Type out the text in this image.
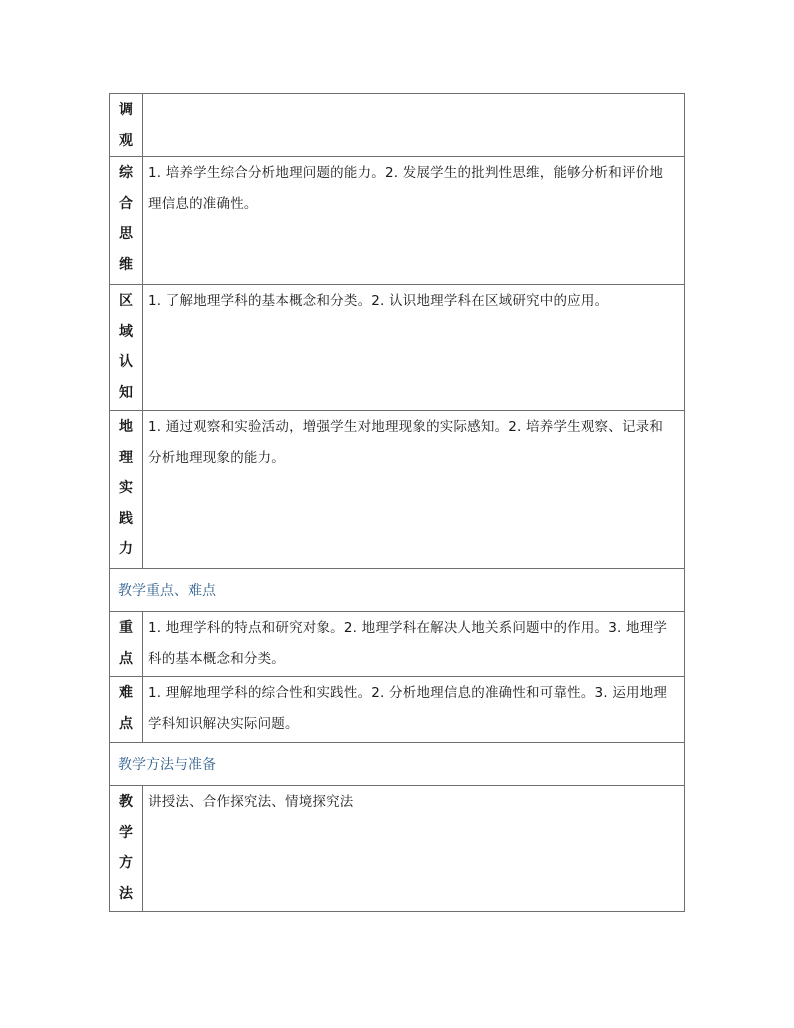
调
观	

综
合
思
维	1. 培养学生综合分析地理问题的能力。2. 发展学生的批判性思维，能够分析和评价地理信息的准确性。

区
域
认
知	1. 了解地理学科的基本概念和分类。2. 认识地理学科在区域研究中的应用。

地
理
实
践
力	1. 通过观察和实验活动，增强学生对地理现象的实际感知。2. 培养学生观察、记录和分析地理现象的能力。
教学重点、难点	

重
点	1. 地理学科的特点和研究对象。2. 地理学科在解决人地关系问题中的作用。3. 地理学科的基本概念和分类。

难
点	1. 理解地理学科的综合性和实践性。2. 分析地理信息的准确性和可靠性。3. 运用地理学科知识解决实际问题。
教学方法与准备	

教
学
方
法	讲授法、合作探究法、情境探究法
